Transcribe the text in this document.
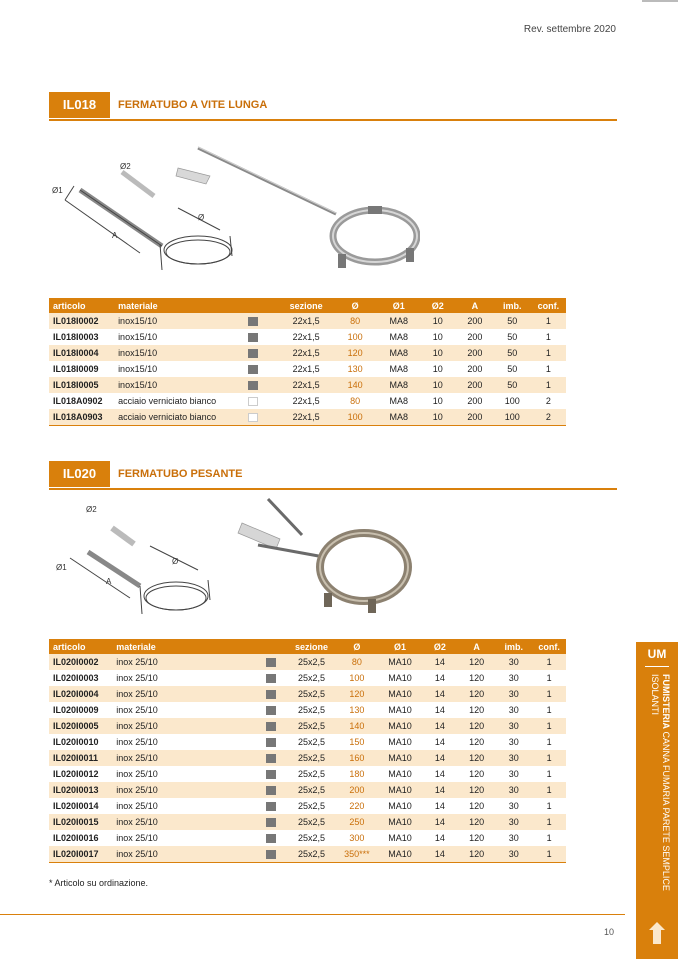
Rev. settembre 2020
IL018	FERMATUBO A VITE LUNGA
Ø2
Ø1
Ø
A
articolo	materiale		sezione	Ø	Ø1	Ø2	A	imb.	conf.
IL018I0002	inox15/10		22x1,5	80	MA8	10	200	50	1
IL018I0003	inox15/10		22x1,5	100	MA8	10	200	50	1
IL018I0004	inox15/10		22x1,5	120	MA8	10	200	50	1
IL018I0009	inox15/10		22x1,5	130	MA8	10	200	50	1
IL018I0005	inox15/10		22x1,5	140	MA8	10	200	50	1
IL018A0902	acciaio verniciato bianco		22x1,5	80	MA8	10	200	100	2
IL018A0903	acciaio verniciato bianco		22x1,5	100	MA8	10	200	100	2
IL020	FERMATUBO PESANTE
Ø2
Ø1
Ø
A
articolo	materiale		sezione	Ø	Ø1	Ø2	A	imb.	conf.
IL020I0002	inox 25/10		25x2,5	80	MA10	14	120	30	1
IL020I0003	inox 25/10		25x2,5	100	MA10	14	120	30	1
IL020I0004	inox 25/10		25x2,5	120	MA10	14	120	30	1
IL020I0009	inox 25/10		25x2,5	130	MA10	14	120	30	1
IL020I0005	inox 25/10		25x2,5	140	MA10	14	120	30	1
IL020I0010	inox 25/10		25x2,5	150	MA10	14	120	30	1
IL020I0011	inox 25/10		25x2,5	160	MA10	14	120	30	1
IL020I0012	inox 25/10		25x2,5	180	MA10	14	120	30	1
IL020I0013	inox 25/10		25x2,5	200	MA10	14	120	30	1
IL020I0014	inox 25/10		25x2,5	220	MA10	14	120	30	1
IL020I0015	inox 25/10		25x2,5	250	MA10	14	120	30	1
IL020I0016	inox 25/10		25x2,5	300	MA10	14	120	30	1
IL020I0017	inox 25/10		25x2,5	350***	MA10	14	120	30	1
* Articolo su ordinazione.
10
UM
FUMISTERIA CANNA FUMARIA PARETE SEMPLICE ISOLANTI
